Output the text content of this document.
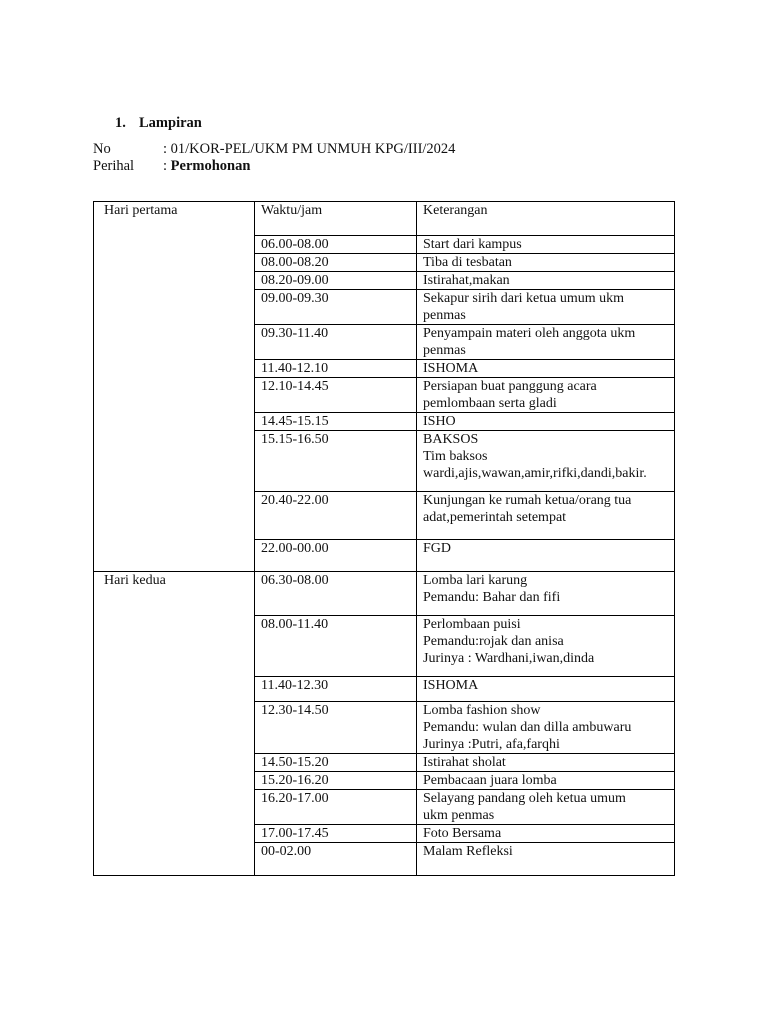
1. Lampiran
No	: 01/KOR-PEL/UKM PM UNMUH KPG/III/2024
Perihal : Permohonan
Hari pertama	Waktu/jam	Keterangan
	06.00-08.00	Start dari kampus

	08.00-08.20	Tiba di tesbatan

	08.20-09.00	Istirahat,makan

	09.00-09.30	Sekapur sirih dari ketua umum ukm
penmas

	09.30-11.40	Penyampain materi oleh anggota ukm
penmas

	11.40-12.10	ISHOMA

	12.10-14.45	Persiapan buat panggung acara
pemlombaan serta gladi

	14.45-15.15	ISHO

	15.15-16.50	BAKSOS
Tim baksos
wardi,ajis,wawan,amir,rifki,dandi,bakir.

	20.40-22.00	Kunjungan ke rumah ketua/orang tua
adat,pemerintah setempat

	22.00-00.00	FGD

Hari kedua	06.30-08.00	Lomba lari karung
Pemandu: Bahar dan fifi

	08.00-11.40	Perlombaan puisi
Pemandu:rojak dan anisa
Jurinya : Wardhani,iwan,dinda

	11.40-12.30	ISHOMA

	12.30-14.50	Lomba fashion show
Pemandu: wulan dan dilla ambuwaru
Jurinya :Putri, afa,farqhi

	14.50-15.20	Istirahat sholat

	15.20-16.20	Pembacaan juara lomba

	16.20-17.00	Selayang pandang oleh ketua umum
ukm penmas

	17.00-17.45	Foto Bersama

	00-02.00	Malam Refleksi
